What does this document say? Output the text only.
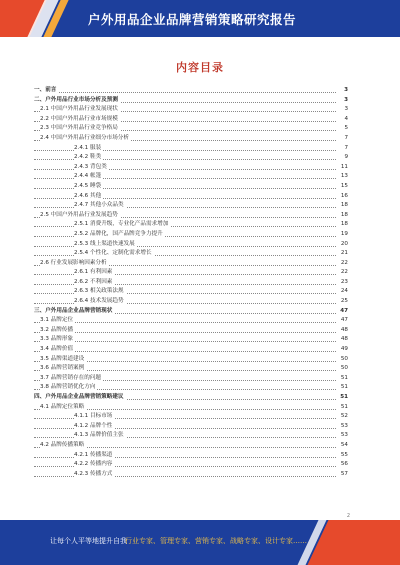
户外用品企业品牌营销策略研究报告
内容目录
一、前言	3
二、户外用品行业市场分析及预测	3
2.1 中国户外用品行业发展现状	3
2.2 中国户外用品行业市场规模	4
2.3 中国户外用品行业竞争格局	5
2.4 中国户外用品行业细分市场分析	7
2.4.1 服装	7
2.4.2 鞋类	9
2.4.3 背包类	11
2.4.4 帐篷	13
2.4.5 睡袋	15
2.4.6 其他	16
2.4.7 其他小众品类	18
2.5 中国户外用品行业发展趋势	18
2.5.1 消费升级，专业化产品需求增加	18
2.5.2 品牌化，国产品牌竞争力提升	19
2.5.3 线上渠道快速发展	20
2.5.4 个性化、定制化需求增长	21
2.6 行业发展影响因素分析	22
2.6.1 有利因素	22
2.6.2 不利因素	23
2.6.3 相关政策法规	24
2.6.4 技术发展趋势	25
三、户外用品企业品牌营销现状	47
3.1 品牌定位	47
3.2 品牌传播	48
3.3 品牌形象	48
3.4 品牌价值	49
3.5 品牌渠道建设	50
3.6 品牌营销案例	50
3.7 品牌营销存在的问题	51
3.8 品牌营销优化方向	51
四、户外用品企业品牌营销策略建议	51
4.1 品牌定位策略	51
4.1.1 目标市场	52
4.1.2 品牌个性	53
4.1.3 品牌价值主张	53
4.2 品牌传播策略	54
4.2.1 传播渠道	55
4.2.2 传播内容	56
4.2.3 传播方式	57
2
让每个人平等地提升自我
行业专家、管理专家、营销专家、战略专家、设计专家……
